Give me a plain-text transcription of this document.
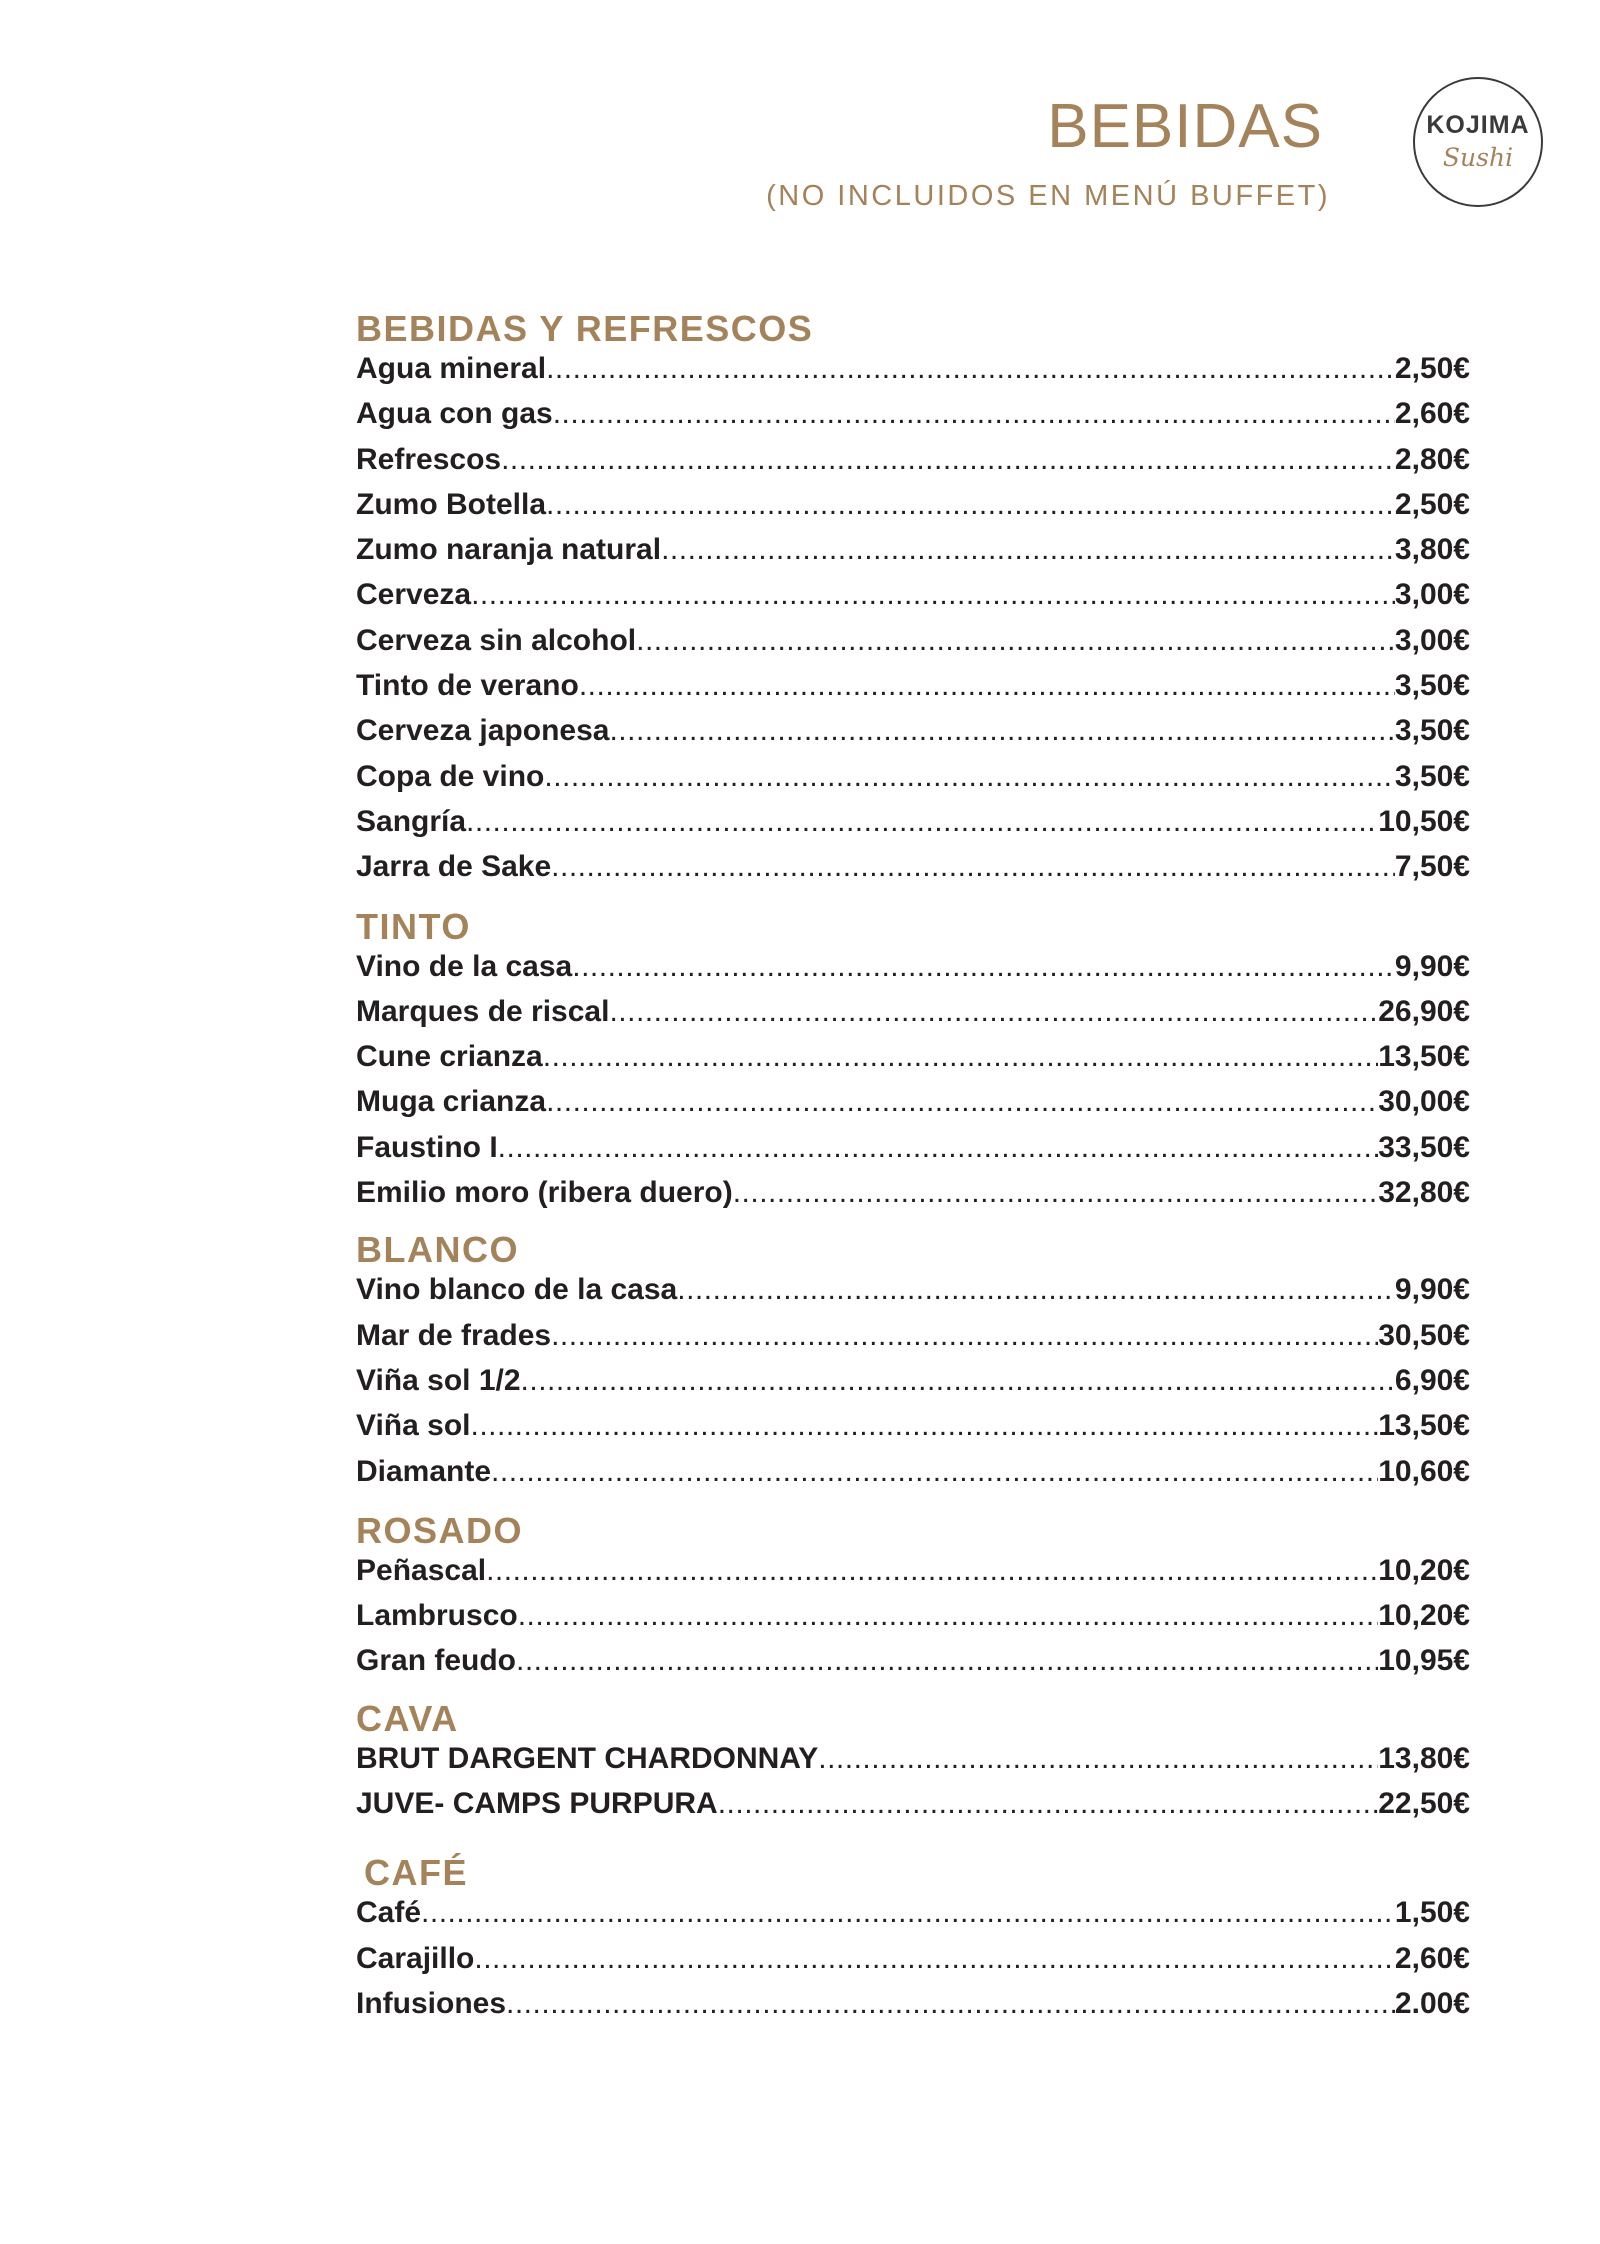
BEBIDAS

(NO INCLUIDOS EN MENÚ BUFFET)

KOJIMA
Sushi
BEBIDAS Y REFRESCOS
Agua mineral .....	2,50€
Agua con gas .....	2,60€
Refrescos .....	2,80€
Zumo Botella .....	2,50€
Zumo naranja natural .....	3,80€
Cerveza .....	3,00€
Cerveza sin alcohol .....	3,00€
Tinto de verano .....	3,50€
Cerveza japonesa .....	3,50€
Copa de vino .....	3,50€
Sangría .....	10,50€
Jarra de Sake .....	7,50€
TINTO
Vino de la casa .....	9,90€
Marques de riscal .....	26,90€
Cune crianza .....	13,50€
Muga crianza .....	30,00€
Faustino I .....	33,50€
Emilio moro (ribera duero) .....	32,80€
BLANCO
Vino blanco de la casa .....	9,90€
Mar de frades .....	30,50€
Viña sol 1/2 .....	6,90€
Viña sol .....	13,50€
Diamante .....	10,60€
ROSADO
Peñascal .....	10,20€
Lambrusco .....	10,20€
Gran feudo .....	10,95€
CAVA
BRUT DARGENT CHARDONNAY .....	13,80€
JUVE- CAMPS PURPURA .....	22,50€
CAFÉ
Café .....	1,50€
Carajillo .....	2,60€
Infusiones .....	2.00€
